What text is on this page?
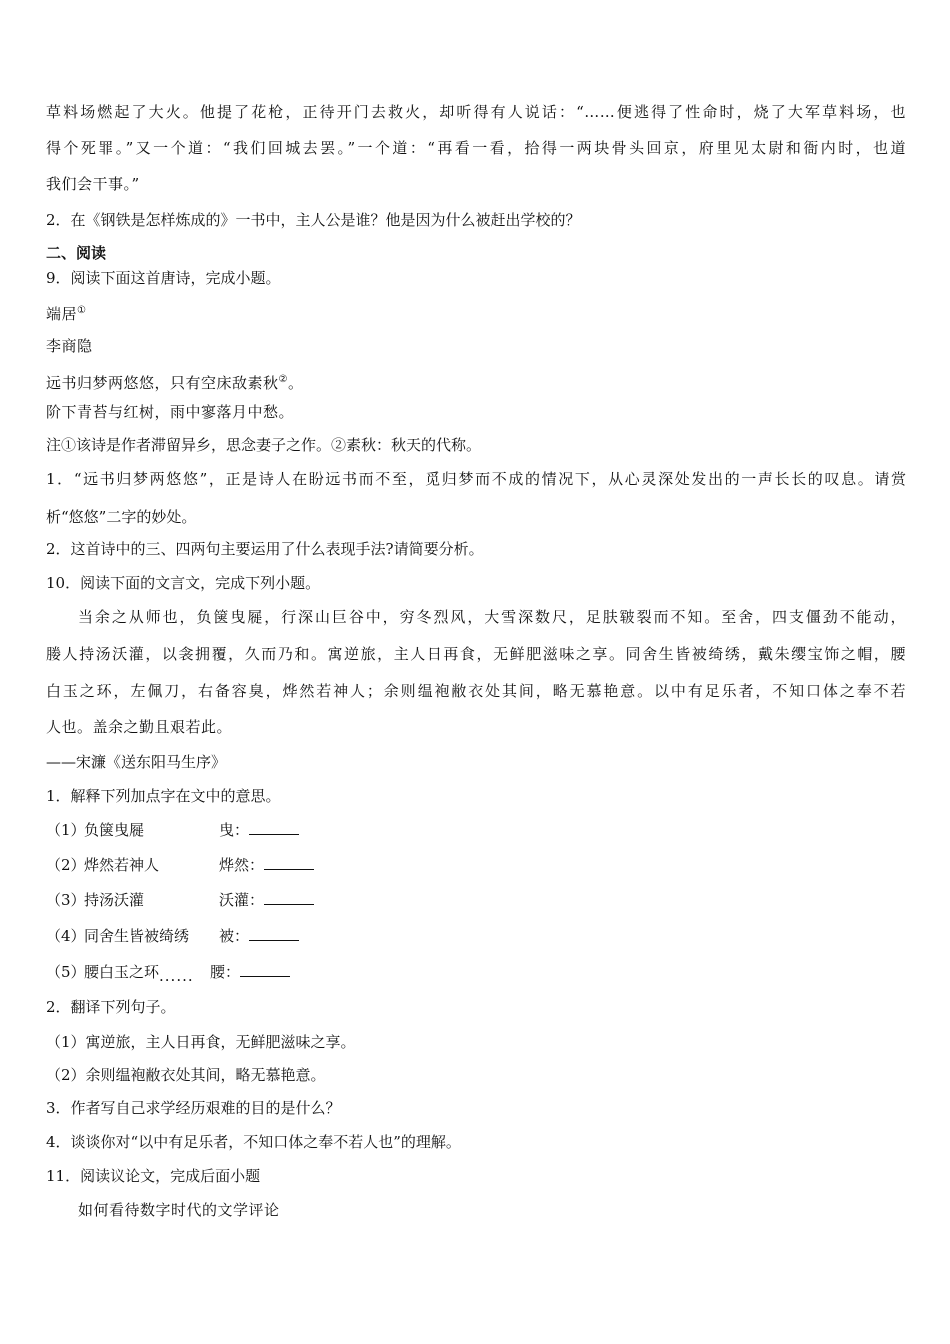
草料场燃起了大火。他提了花枪，正待开门去救火，却听得有人说话：“……便逃得了性命时，烧了大军草料场，也
得个死罪。”又一个道：“我们回城去罢。”一个道：“再看一看，拾得一两块骨头回京，府里见太尉和衙内时，也道
我们会干事。”
2．在《钢铁是怎样炼成的》一书中，主人公是谁？他是因为什么被赶出学校的？
二、阅读
9．阅读下面这首唐诗，完成小题。
端居①
李商隐
远书归梦两悠悠，只有空床敌素秋②。
阶下青苔与红树，雨中寥落月中愁。
注①该诗是作者滞留异乡，思念妻子之作。②素秋：秋天的代称。
1．“远书归梦两悠悠”，正是诗人在盼远书而不至，觅归梦而不成的情况下，从心灵深处发出的一声长长的叹息。请赏
析“悠悠”二字的妙处。
2．这首诗中的三、四两句主要运用了什么表现手法?请简要分析。
10．阅读下面的文言文，完成下列小题。
当余之从师也，负箧曳屣，行深山巨谷中，穷冬烈风，大雪深数尺，足肤皲裂而不知。至舍，四支僵劲不能动，
媵人持汤沃灌，以衾拥覆，久而乃和。寓逆旅，主人日再食，无鲜肥滋味之享。同舍生皆被绮绣，戴朱缨宝饰之帽，腰
白玉之环，左佩刀，右备容臭，烨然若神人；余则缊袍敝衣处其间，略无慕艳意。以中有足乐者，不知口体之奉不若
人也。盖余之勤且艰若此。
——宋濂《送东阳马生序》
1．解释下列加点字在文中的意思。
（1）负箧曳屣	曳：
（2）烨然若神人	烨然：
（3）持汤沃灌	沃灌：
（4）同舍生皆被绮绣 被：
（5）腰白玉之环...... 腰：
2．翻译下列句子。
（1）寓逆旅，主人日再食，无鲜肥滋味之享。
（2）余则缊袍敝衣处其间，略无慕艳意。
3．作者写自己求学经历艰难的目的是什么？
4．谈谈你对“以中有足乐者，不知口体之奉不若人也”的理解。
11．阅读议论文，完成后面小题
如何看待数字时代的文学评论
